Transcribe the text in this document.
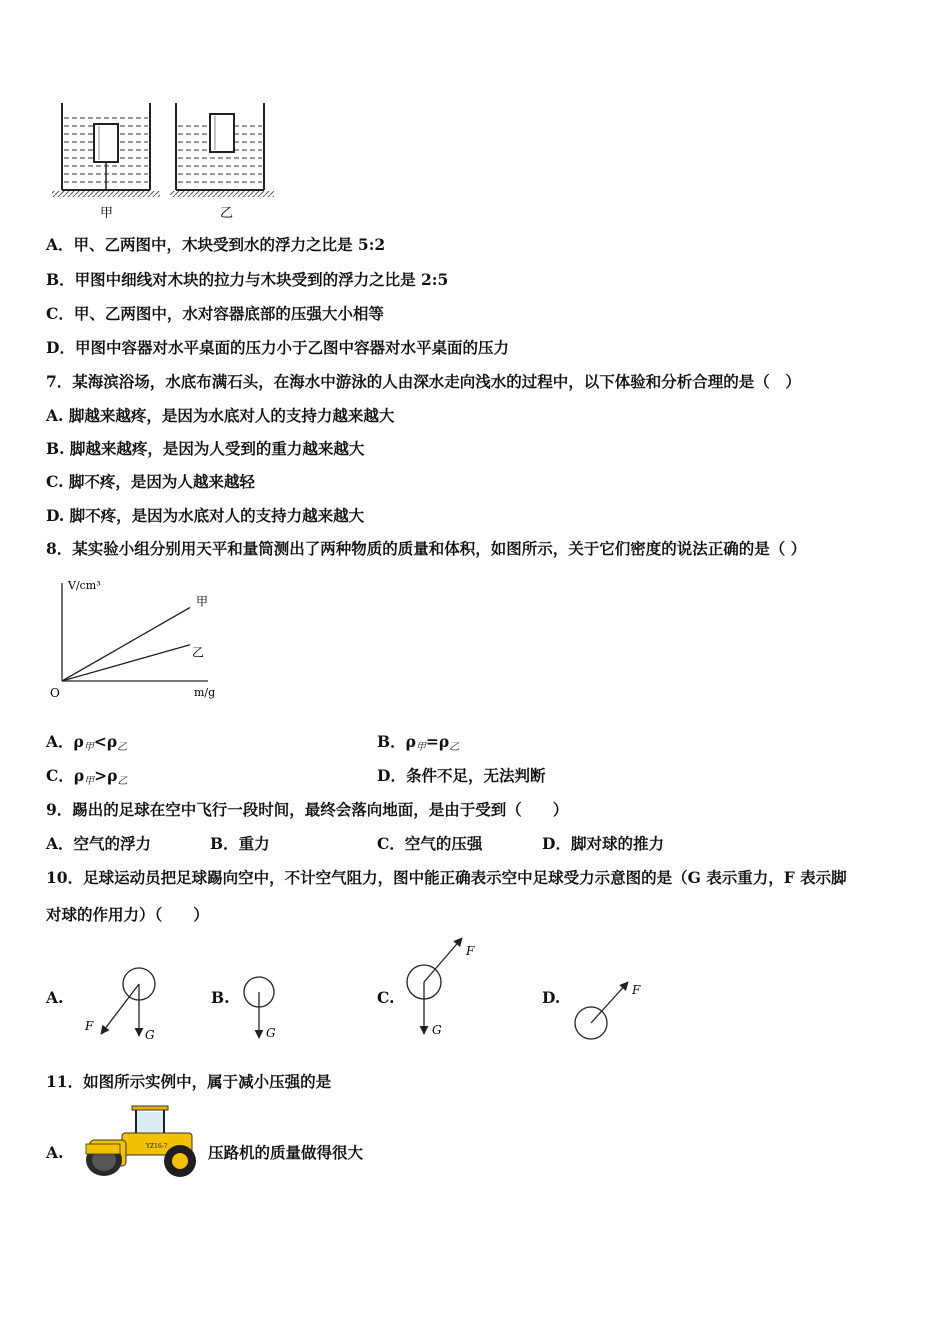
甲	乙
A．甲、乙两图中，木块受到水的浮力之比是 5:2
B．甲图中细线对木块的拉力与木块受到的浮力之比是 2:5
C．甲、乙两图中，水对容器底部的压强大小相等
D．甲图中容器对水平桌面的压力小于乙图中容器对水平桌面的压力
7．某海滨浴场，水底布满石头，在海水中游泳的人由深水走向浅水的过程中，以下体验和分析合理的是（　）
A. 脚越来越疼，是因为水底对人的支持力越来越大
B. 脚越来越疼，是因为人受到的重力越来越大
C. 脚不疼，是因为人越来越轻
D. 脚不疼，是因为水底对人的支持力越来越大
8．某实验小组分别用天平和量筒测出了两种物质的质量和体积，如图所示，关于它们密度的说法正确的是（ ）
V/cm³
m/g
O
甲
乙
A．$\rho_甲<\rho_乙$	B．$\rho_甲=\rho_乙$
C．$\rho_甲>\rho_乙$	D．条件不足，无法判断
9．踢出的足球在空中飞行一段时间，最终会落向地面，是由于受到（　　）
A．空气的浮力	B．重力	C．空气的压强	D．脚对球的推力
10．足球运动员把足球踢向空中，不计空气阻力，图中能正确表示空中足球受力示意图的是（G 表示重力，F 表示脚
对球的作用力）（　　）
A.	B.	C.	D.
F
G	G
F
G
F
11．如图所示实例中，属于减小压强的是
A.	YZ16-7	压路机的质量做得很大
